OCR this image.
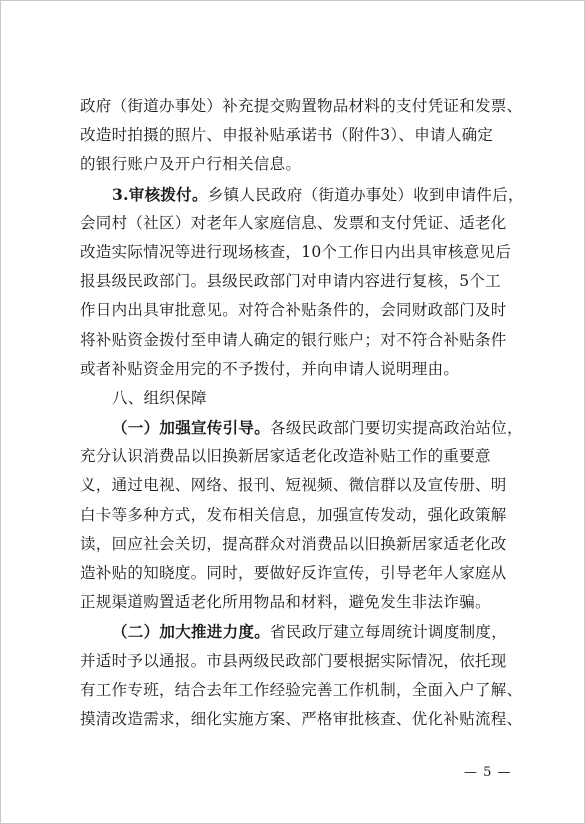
政府（街道办事处）补充提交购置物品材料的支付凭证和发票、
改造时拍摄的照片、申报补贴承诺书（附件3）、申请人确定
的银行账户及开户行相关信息。
3.审核拨付。乡镇人民政府（街道办事处）收到申请件后，
会同村（社区）对老年人家庭信息、发票和支付凭证、适老化
改造实际情况等进行现场核查，10个工作日内出具审核意见后
报县级民政部门。县级民政部门对申请内容进行复核，5个工
作日内出具审批意见。对符合补贴条件的，会同财政部门及时
将补贴资金拨付至申请人确定的银行账户；对不符合补贴条件
或者补贴资金用完的不予拨付，并向申请人说明理由。
八、组织保障
（一）加强宣传引导。各级民政部门要切实提高政治站位，
充分认识消费品以旧换新居家适老化改造补贴工作的重要意
义，通过电视、网络、报刊、短视频、微信群以及宣传册、明
白卡等多种方式，发布相关信息，加强宣传发动，强化政策解
读，回应社会关切，提高群众对消费品以旧换新居家适老化改
造补贴的知晓度。同时，要做好反诈宣传，引导老年人家庭从
正规渠道购置适老化所用物品和材料，避免发生非法诈骗。
（二）加大推进力度。省民政厅建立每周统计调度制度，
并适时予以通报。市县两级民政部门要根据实际情况，依托现
有工作专班，结合去年工作经验完善工作机制，全面入户了解、
摸清改造需求，细化实施方案、严格审批核查、优化补贴流程、
— 5 —
